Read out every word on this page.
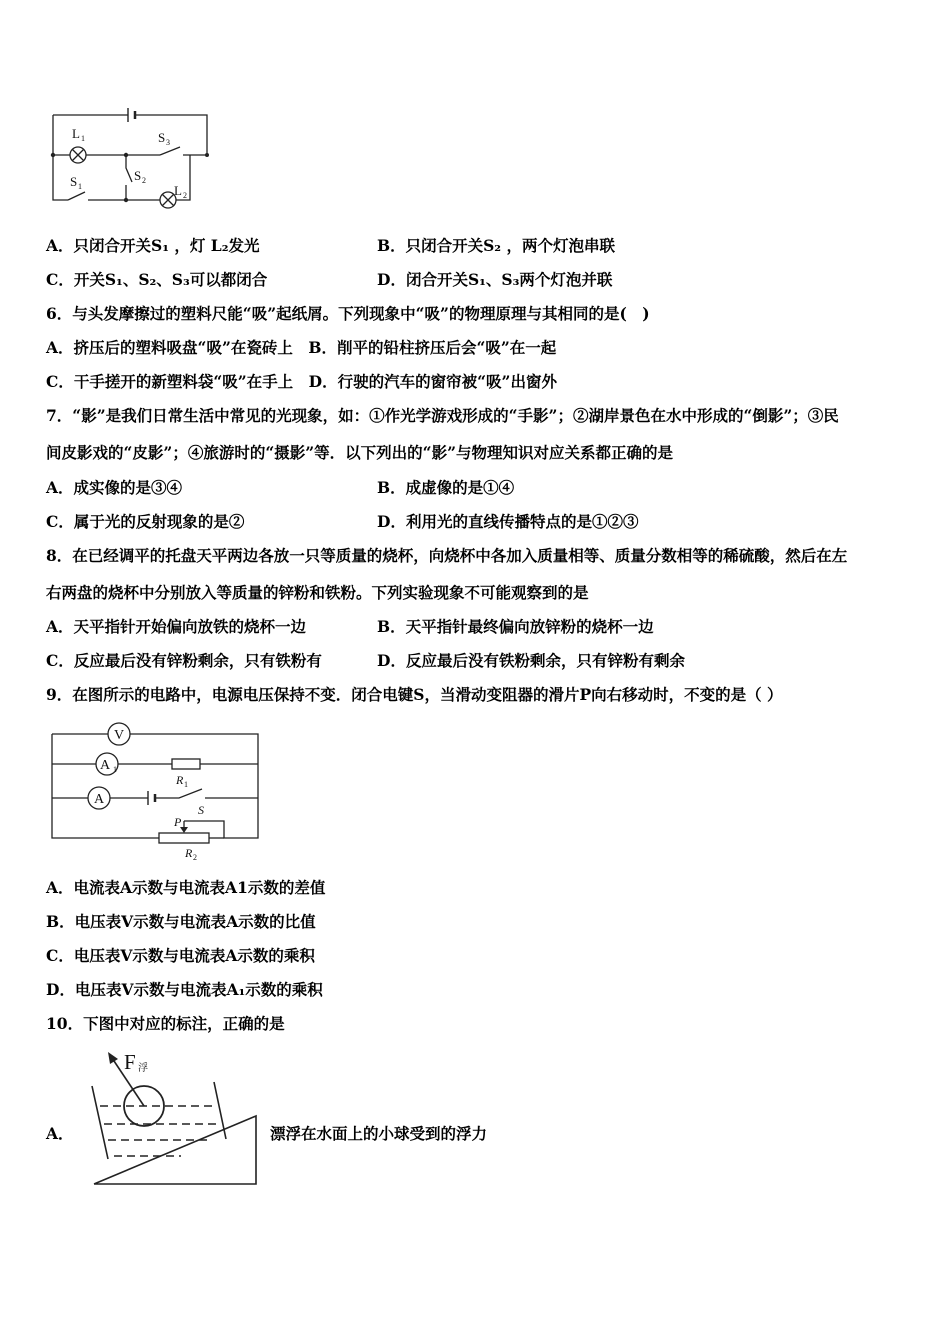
L 1	S 3
S 1
S 2
L 2
A．只闭合开关S₁ ，灯 L₂发光	B．只闭合开关S₂ ，两个灯泡串联
C．开关S₁、S₂、S₃可以都闭合	D．闭合开关S₁、S₃两个灯泡并联
6．与头发摩擦过的塑料尺能“吸”起纸屑。下列现象中“吸”的物理原理与其相同的是(　)
A．挤压后的塑料吸盘“吸”在瓷砖上　B．削平的铅柱挤压后会“吸”在一起
C．干手搓开的新塑料袋“吸”在手上　D．行驶的汽车的窗帘被“吸”出窗外
7．“影”是我们日常生活中常见的光现象，如：①作光学游戏形成的“手影”；②湖岸景色在水中形成的“倒影”；③民
间皮影戏的“皮影”；④旅游时的“摄影”等．以下列出的“影”与物理知识对应关系都正确的是
A．成实像的是③④	B．成虚像的是①④
C．属于光的反射现象的是②	D．利用光的直线传播特点的是①②③
8．在已经调平的托盘天平两边各放一只等质量的烧杯，向烧杯中各加入质量相等、质量分数相等的稀硫酸，然后在左
右两盘的烧杯中分别放入等质量的锌粉和铁粉。下列实验现象不可能观察到的是
A．天平指针开始偏向放铁的烧杯一边	B．天平指针最终偏向放锌粉的烧杯一边
C．反应最后没有锌粉剩余，只有铁粉有	D．反应最后没有铁粉剩余，只有锌粉有剩余
9．在图所示的电路中，电源电压保持不变．闭合电键S，当滑动变阻器的滑片P向右移动时，不变的是（ ）
V
A
A
1
R 1
S
P
R 2
A．电流表A示数与电流表A1示数的差值
B．电压表V示数与电流表A示数的比值
C．电压表V示数与电流表A示数的乘积
D．电压表V示数与电流表A₁示数的乘积
10．下图中对应的标注，正确的是
A．
F 浮
漂浮在水面上的小球受到的浮力
